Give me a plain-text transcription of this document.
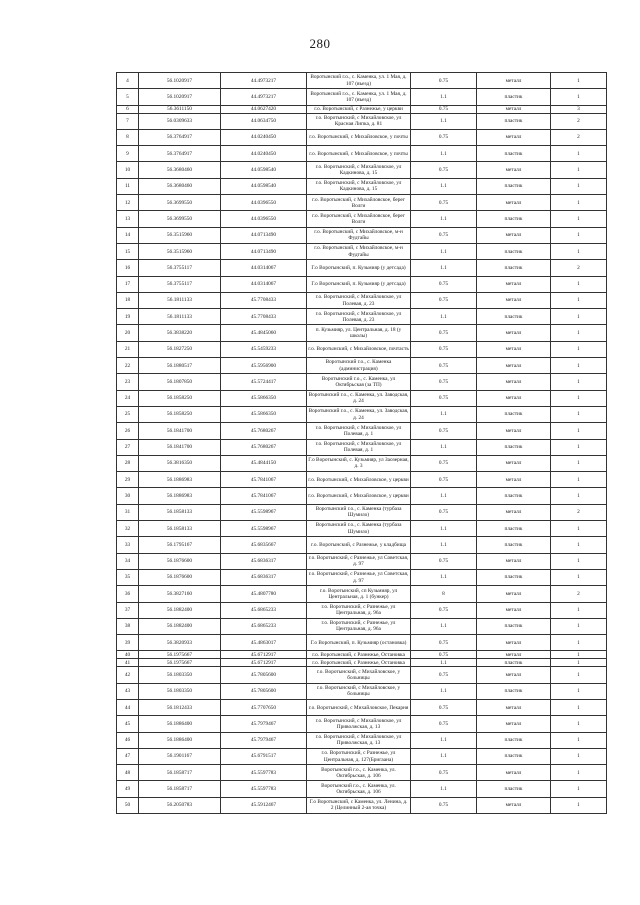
280
4	56.1020917	44.4973217	Воротынский г.о., с. Каменка, ул. 1 Мая, д. 107 (въезд)	0.75	металл	1
5	56.1020917	44.4973217	Воротынский г.о., с. Каменка, ул. 1 Мая, д. 107 (въезд)	1.1	пластик	1
6	56.3611150	44.0627420	г.о. Воротынский, с Разнежье, у церкви	0.75	металл	3
7	56.0309633	44.0634750	г.о. Воротынский, с Михайловское, ул Красная Липка, д. 81	1.1	пластик	2
8	56.3764917	44.0240450	г.о. Воротынский, с Михайловское, у почты	0.75	металл	2
9	56.3764917	44.0240450	г.о. Воротынский, с Михайловское, у почты	1.1	пластик	1
10	56.3680460	44.0598540	г.о. Воротынский, с Михайловское, ул Кадкинова, д. 15	0.75	металл	1
11	56.3680460	44.0598540	г.о. Воротынский, с Михайловское, ул Кадкинова, д. 15	1.1	пластик	1
12	56.3699550	44.0396550	г.о. Воротынский, с Михайловское, берег Волги	0.75	металл	1
13	56.3699550	44.0396550	г.о. Воротынский, с Михайловское, берег Волги	1.1	пластик	1
14	56.3515960	44.0713490	г.о. Воротынский, с Михайловское, м-н Фудтайы	0.75	металл	1
15	56.3515960	44.0713490	г.о. Воротынский, с Михайловское, м-н Фудтайы	1.1	пластик	1
16	56.3755117	44.0314067	Г.о Воротынский, п. Кузьмияр (у детсада)	1.1	пластик	2
17	56.3755117	44.0314067	Г.о Воротынский, п. Кузьмияр (у детсада)	0.75	металл	1
18	56.1811133	45.7708433	г.о. Воротынский, с Михайловское, ул Полевая, д. 23	0.75	металл	1
19	56.1811133	45.7708433	г.о. Воротынский, с Михайловское, ул Полевая, д. 23	1.1	пластик	1
20	56.3838220	45.4845060	п. Кузьмияр, ул. Центральная, д. 18 (у школы)	0.75	металл	1
21	56.1827250	45.5459233	г.о. Воротынский, с Михайловское, почтасть	0.75	металл	1
22	56.1880517	45.5956900	Воротынский г.о., с. Каменка (администрация)	0.75	металл	1
23	56.1807850	45.5724417	Воротынский г.о., с. Каменка, ул Октябрьская (за ТП)	0.75	металл	1
24	56.1858250	45.5866350	Воротынский г.о., с. Каменка, ул. Заводская, д. 24	0.75	металл	1
25	56.1858250	45.5866350	Воротынский г.о., с. Каменка, ул. Заводская, д. 24	1.1	пластик	1
26	56.1841700	45.7680267	г.о. Воротынский, с Михайловское, ул Полевая, д. 1	0.75	металл	1
27	56.1841700	45.7680267	г.о. Воротынский, с Михайловское, ул Полевая, д. 1	1.1	пластик	1
28	56.3816350	45.4844150	Г.о Воротынский, с. Кузьмияр, ул Заозерная, д. 3	0.75	металл	1
29	56.1886983	45.7841067	г.о. Воротынский, с Михайловское, у церкви	0.75	металл	1
30	56.1886983	45.7841067	г.о. Воротынский, с Михайловское, у церкви	1.1	пластик	1
31	56.1858133	45.5598967	Воротынский г.о., с. Каменка (турбаза Шумило)	0.75	металл	2
32	56.1858133	45.5598967	Воротынский г.о., с. Каменка (турбаза Шумило)	1.1	пластик	1
33	56.1795167	45.6835667	г.о. Воротынский, с Разнежье, у кладбища	1.1	пластик	1
34	56.1876600	45.6836317	г.о. Воротынский, с Разнежье, ул Советская, д. 97	0.75	металл	1
35	56.1876600	45.6836317	г.о. Воротынский, с Разнежье, ул Советская, д. 97	1.1	пластик	1
36	56.3827160	45.4807780	г.о. Воротынский, сп Кузьмияр, ул Центральная, д. 1 (бункер)	8	металл	2
37	56.1882400	45.6865233	г.о. Воротынский, с Разнежье, ул Центральная, д. 96а	0.75	металл	1
38	56.1882400	45.6865233	г.о. Воротынский, с Разнежье, ул Центральная, д. 96а	1.1	пластик	1
39	56.3820933	45.4863017	Г.о Воротынский, п. Кузьмияр (остановка)	0.75	металл	1
40	56.1975667	45.6712917	г.о. Воротынский, с Разнежье, Остановка	0.75	металл	1
41	56.1975667	45.6712917	г.о. Воротынский, с Разнежье, Остановка	1.1	пластик	1
42	56.1803350	45.7805600	г.о. Воротынский, с Михайловское, у больницы	0.75	металл	1
43	56.1803350	45.7805600	г.о. Воротынский, с Михайловское, у больницы	1.1	пластик	1
44	56.1812433	45.7707650	г.о. Воротынский, с Михайловское, Пекарня	0.75	металл	1
45	56.1886400	45.7979467	г.о. Воротынский, с Михайловское, ул Приволжская, д. 13	0.75	металл	1
46	56.1886400	45.7979467	г.о. Воротынский, с Михайловское, ул Приволжская, д. 13	1.1	пластик	1
47	56.1901167	45.6791517	г.о. Воротынский, с Разнежье, ул Центральная, д. 127(Бригаана)	1.1	пластик	1
48	56.1858717	45.5597783	Воротынский г.о., с. Каменка, ул. Октябрьская, д. 106	0.75	металл	1
49	56.1858717	45.5597783	Воротынский г.о., с. Каменка, ул. Октябрьская, д. 106	1.1	пластик	1
50	56.2050783	45.5912467	Г.о Воротынский, с Каменка, ул. Ленина, д. 2 (Целинный 2-ая точка)	0.75	металл	1
